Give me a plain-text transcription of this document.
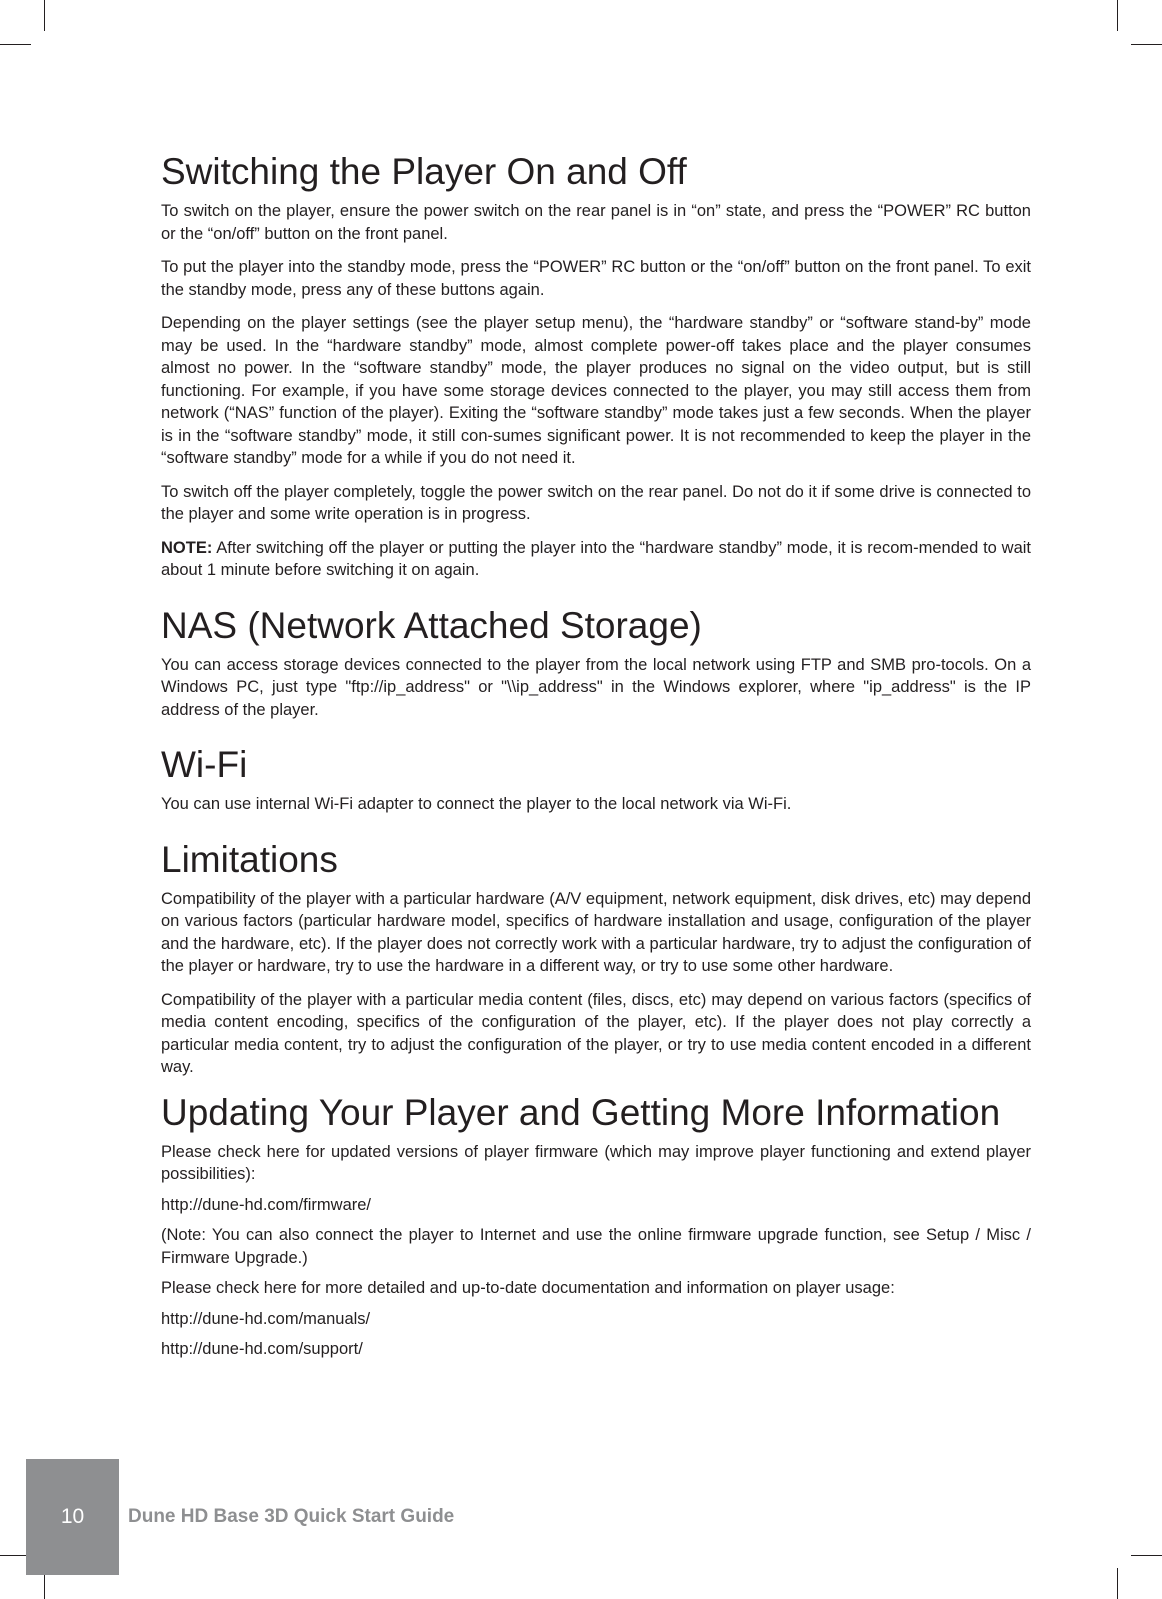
Switching the Player On and Off

To switch on the player, ensure the power switch on the rear panel is in “on” state, and press the “POWER” RC button or the “on/off” button on the front panel.

To put the player into the standby mode, press the “POWER” RC button or the “on/off” button on the front panel. To exit the standby mode, press any of these buttons again.

Depending on the player settings (see the player setup menu), the “hardware standby” or “software stand-by” mode may be used. In the “hardware standby” mode, almost complete power-off takes place and the player consumes almost no power. In the “software standby” mode, the player produces no signal on the video output, but is still functioning. For example, if you have some storage devices connected to the player, you may still access them from network (“NAS” function of the player). Exiting the “software standby” mode takes just a few seconds. When the player is in the “software standby” mode, it still con-sumes significant power. It is not recommended to keep the player in the “software standby” mode for a while if you do not need it.

To switch off the player completely, toggle the power switch on the rear panel. Do not do it if some drive is connected to the player and some write operation is in progress.

NOTE: After switching off the player or putting the player into the “hardware standby” mode, it is recom-mended to wait about 1 minute before switching it on again.

NAS (Network Attached Storage)

You can access storage devices connected to the player from the local network using FTP and SMB pro-tocols. On a Windows PC, just type "ftp://ip_address" or "\\ip_address" in the Windows explorer, where "ip_address" is the IP address of the player.

Wi-Fi

You can use internal Wi-Fi adapter to connect the player to the local network via Wi-Fi.

Limitations

Compatibility of the player with a particular hardware (A/V equipment, network equipment, disk drives, etc) may depend on various factors (particular hardware model, specifics of hardware installation and usage, configuration of the player and the hardware, etc). If the player does not correctly work with a particular hardware, try to adjust the configuration of the player or hardware, try to use the hardware in a different way, or try to use some other hardware.

Compatibility of the player with a particular media content (files, discs, etc) may depend on various factors (specifics of media content encoding, specifics of the configuration of the player, etc). If the player does not play correctly a particular media content, try to adjust the configuration of the player, or try to use media content encoded in a different way.

Updating Your Player and Getting More Information

Please check here for updated versions of player firmware (which may improve player functioning and extend player possibilities):

http://dune-hd.com/firmware/

(Note: You can also connect the player to Internet and use the online firmware upgrade function, see Setup / Misc / Firmware Upgrade.)

Please check here for more detailed and up-to-date documentation and information on player usage:

http://dune-hd.com/manuals/

http://dune-hd.com/support/

10	Dune HD Base 3D Quick Start Guide
